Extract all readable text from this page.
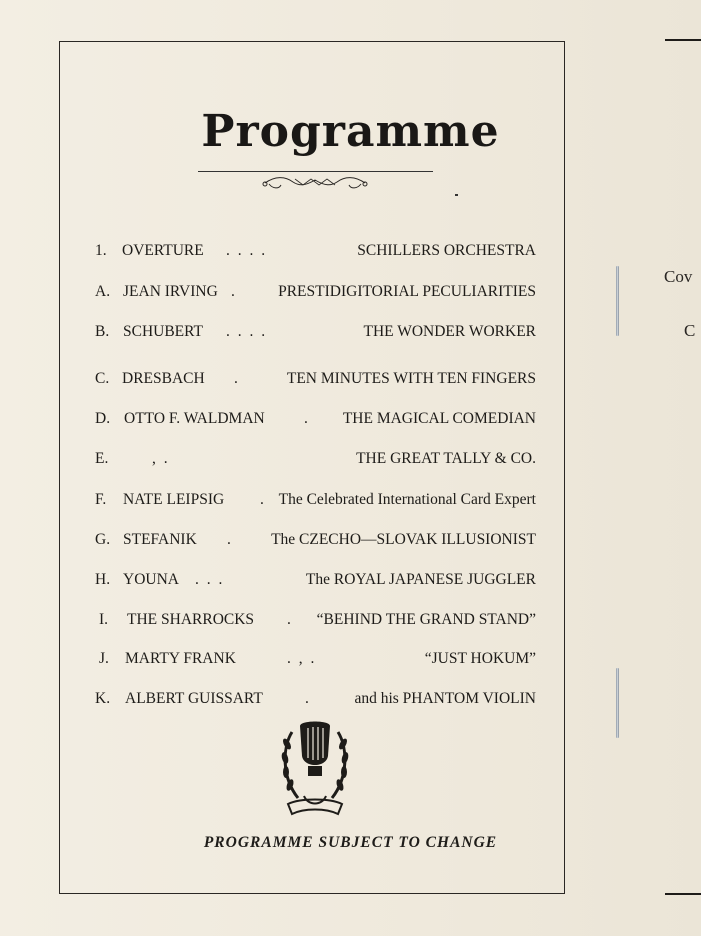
Programme
1. OVERTURE . . . .	SCHILLERS ORCHESTRA
A. JEAN IRVING .	PRESTIDIGITORIAL PECULIARITIES
B. SCHUBERT . . . .	THE WONDER WORKER
C. DRESBACH .	TEN MINUTES WITH TEN FINGERS
D. OTTO F. WALDMAN	. THE MAGICAL COMEDIAN
E.	, .	THE GREAT TALLY & CO.
F. NATE LEIPSIG . The Celebrated International Card Expert
G. STEFANIK . The CZECHO—SLOVAK ILLUSIONIST
H. YOUNA . . .	The ROYAL JAPANESE JUGGLER
I. THE SHARROCKS . “BEHIND THE GRAND STAND”
J. MARTY FRANK	. , .	“JUST HOKUM”
K. ALBERT GUISSART	.	and his PHANTOM VIOLIN
PROGRAMME SUBJECT TO CHANGE
Cov
C
